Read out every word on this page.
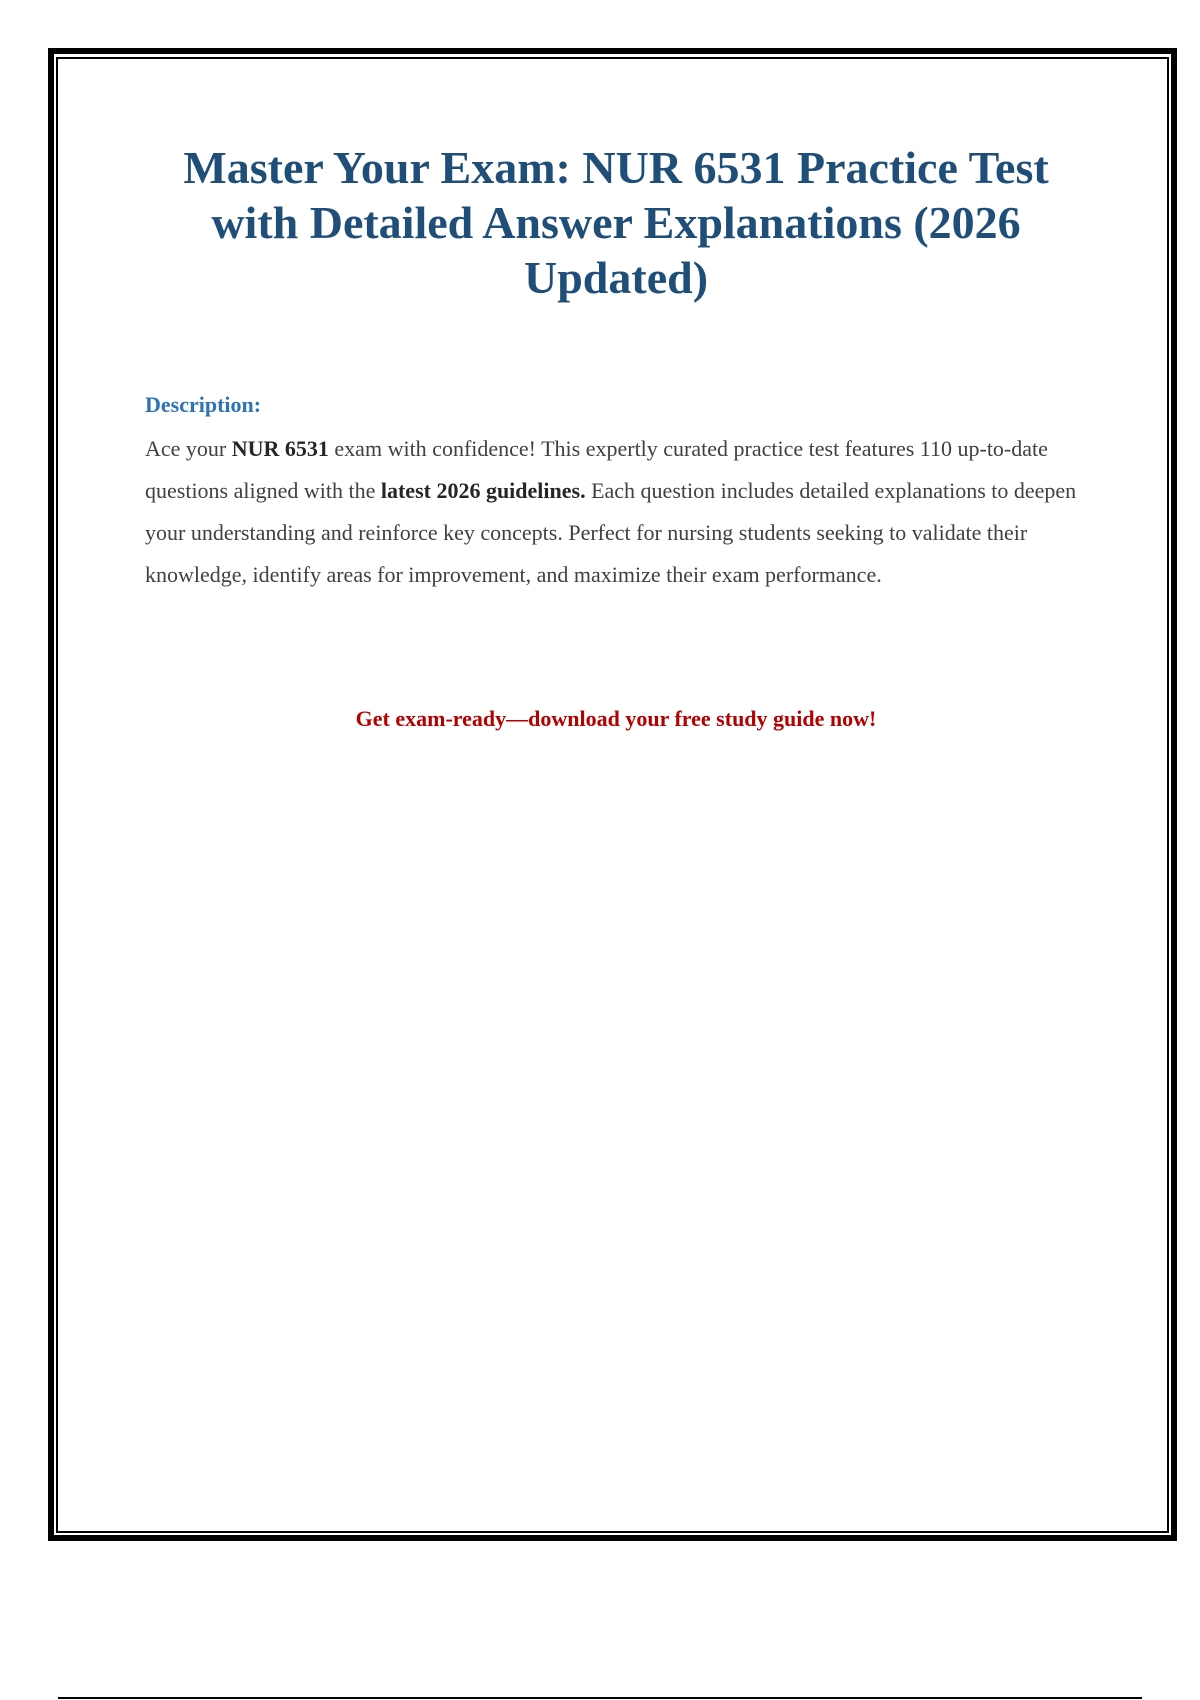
Master Your Exam: NUR 6531 Practice Test with Detailed Answer Explanations (2026 Updated)
Description:

Ace your NUR 6531 exam with confidence! This expertly curated practice test features 110 up-to-date questions aligned with the latest 2026 guidelines. Each question includes detailed explanations to deepen your understanding and reinforce key concepts. Perfect for nursing students seeking to validate their knowledge, identify areas for improvement, and maximize their exam performance.

Get exam-ready—download your free study guide now!
